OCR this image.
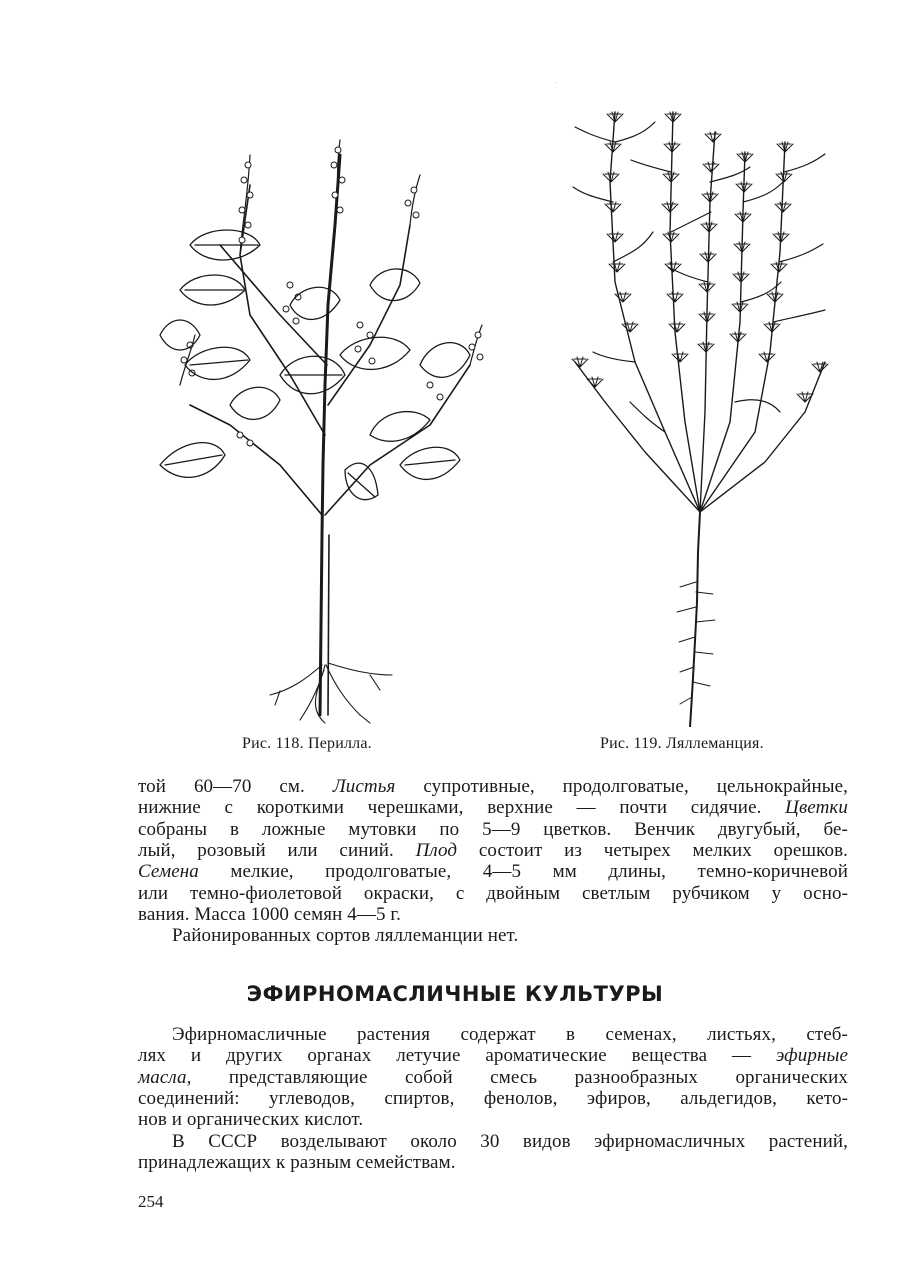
Рис. 118. Перилла.	Рис. 119. Ляллеманция.
той 60—70 см. Листья супротивные, продолговатые, цельнокрайные,
нижние с короткими черешками, верхние — почти сидячие. Цветки
собраны в ложные мутовки по 5—9 цветков. Венчик двугубый, бе-
лый, розовый или синий. Плод состоит из четырех мелких орешков.
Семена мелкие, продолговатые, 4—5 мм длины, темно-коричневой
или темно-фиолетовой окраски, с двойным светлым рубчиком у осно-
вания. Масса 1000 семян 4—5 г.
Районированных сортов ляллеманции нет.
ЭФИРНОМАСЛИЧНЫЕ КУЛЬТУРЫ
Эфирномасличные растения содержат в семенах, листьях, стеб-
лях и других органах летучие ароматические вещества — эфирные
масла, представляющие собой смесь разнообразных органических
соединений: углеводов, спиртов, фенолов, эфиров, альдегидов, кето-
нов и органических кислот.
В СССР возделывают около 30 видов эфирномасличных растений,
принадлежащих к разным семействам.
254
